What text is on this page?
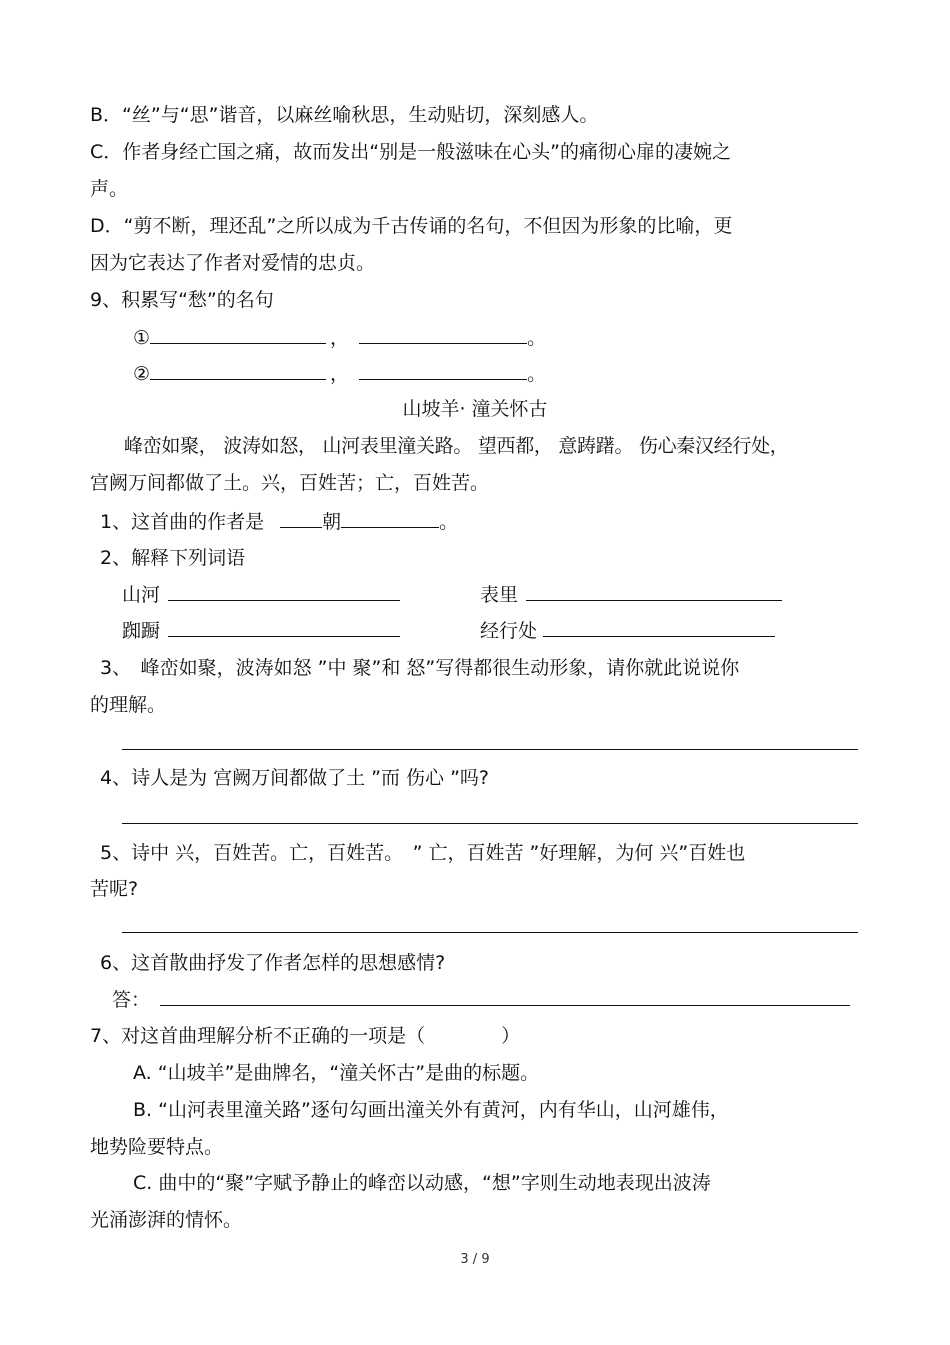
B．“丝”与“思”谐音，以麻丝喻秋思，生动贴切，深刻感人。
C．作者身经亡国之痛，故而发出“别是一般滋味在心头”的痛彻心扉的凄婉之
声。
D．“剪不断，理还乱”之所以成为千古传诵的名句，不但因为形象的比喻，更
因为它表达了作者对爱情的忠贞。
9、积累写“愁”的名句
①	，	。
②	，	。
山坡羊· 潼关怀古
峰峦如聚， 波涛如怒， 山河表里潼关路。 望西都， 意踌躇。 伤心秦汉经行处，
宫阙万间都做了土。兴，百姓苦；亡，百姓苦。
1、这首曲的作者是	朝	。
2、解释下列词语
山河	表里
踟蹰	经行处
3、　峰峦如聚，波涛如怒 ”中 聚”和 怒”写得都很生动形象，请你就此说说你
的理解。
4、诗人是为 宫阙万间都做了土 ”而 伤心 ”吗?
5、诗中 兴，百姓苦。亡，百姓苦。　” 亡，百姓苦 ”好理解，为何 兴”百姓也
苦呢?
6、这首散曲抒发了作者怎样的思想感情?
答：
7、对这首曲理解分析不正确的一项是（　　　　）
A. “山坡羊”是曲牌名，“潼关怀古”是曲的标题。
B. “山河表里潼关路”逐句勾画出潼关外有黄河，内有华山，山河雄伟，
地势险要特点。
C. 曲中的“聚”字赋予静止的峰峦以动感，“想”字则生动地表现出波涛
光涌澎湃的情怀。
3 / 9
